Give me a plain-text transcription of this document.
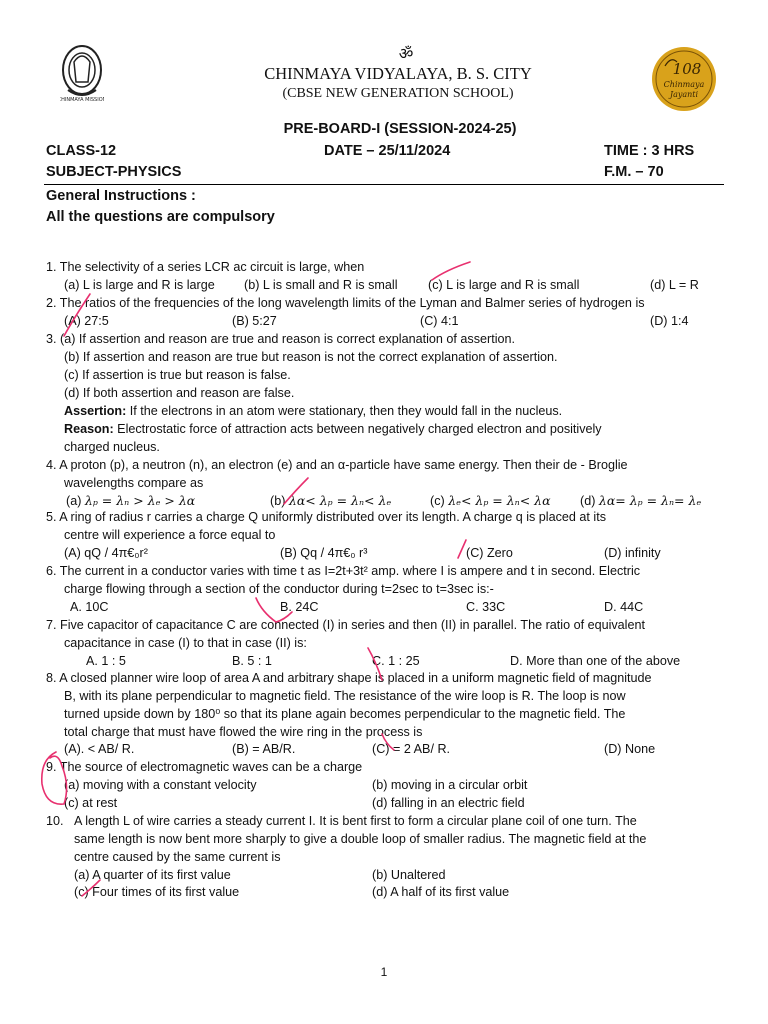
CHINMAYA MISSION
ॐ
CHINMAYA VIDYALAYA, B. S. CITY
(CBSE NEW GENERATION SCHOOL)
108
Chinmaya
Jayanti
PRE-BOARD-I (SESSION-2024-25)
CLASS-12	DATE – 25/11/2024	TIME : 3 HRS
SUBJECT-PHYSICS	F.M. – 70
General Instructions :
All the questions are compulsory
1. The selectivity of a series LCR ac circuit is large, when
(a) L is large and R is large (b) L is small and R is small (c) L is large and R is small	(d) L = R
2. The ratios of the frequencies of the long wavelength limits of the Lyman and Balmer series of hydrogen is
(A) 27:5	(B) 5:27	(C) 4:1	(D) 1:4
3. (a) If assertion and reason are true and reason is correct explanation of assertion.
(b) If assertion and reason are true but reason is not the correct explanation of assertion.
(c) If assertion is true but reason is false.
(d) If both assertion and reason are false.
Assertion: If the electrons in an atom were stationary, then they would fall in the nucleus.
Reason: Electrostatic force of attraction acts between negatively charged electron and positively
charged nucleus.
4. A proton (p), a neutron (n), an electron (e) and an α-particle have same energy. Then their de - Broglie
wavelengths compare as
(a) λₚ = λₙ > λₑ > λα	(b) λα< λₚ = λₙ< λₑ	(c) λₑ< λₚ = λₙ< λα (d) λα= λₚ = λₙ= λₑ
5. A ring of radius r carries a charge Q uniformly distributed over its length. A charge q is placed at its
centre will experience a force equal to
(A) qQ / 4π€₀r²	(B) Qq / 4π€₀ r³	(C) Zero	(D) infinity
6. The current in a conductor varies with time t as I=2t+3t² amp. where I is ampere and t in second. Electric
charge flowing through a section of the conductor during t=2sec to t=3sec is:-
A. 10C	B. 24C	C. 33C	D. 44C
7. Five capacitor of capacitance C are connected (I) in series and then (II) in parallel. The ratio of equivalent
capacitance in case (I) to that in case (II) is:
A. 1 : 5	B. 5 : 1	C. 1 : 25	D. More than one of the above
8. A closed planner wire loop of area A and arbitrary shape is placed in a uniform magnetic field of magnitude
B, with its plane perpendicular to magnetic field. The resistance of the wire loop is R. The loop is now
turned upside down by 180⁰ so that its plane again becomes perpendicular to the magnetic field. The
total charge that must have flowed the wire ring in the process is
(A). < AB/ R.	(B) = AB/R.	(C) = 2 AB/ R.	(D) None
9. The source of electromagnetic waves can be a charge
(a) moving with a constant velocity	(b) moving in a circular orbit
(c) at rest	(d) falling in an electric field
10. A length L of wire carries a steady current I. It is bent first to form a circular plane coil of one turn. The
same length is now bent more sharply to give a double loop of smaller radius. The magnetic field at the
centre caused by the same current is
(a) A quarter of its first value	(b) Unaltered
(c) Four times of its first value	(d) A half of its first value
1
